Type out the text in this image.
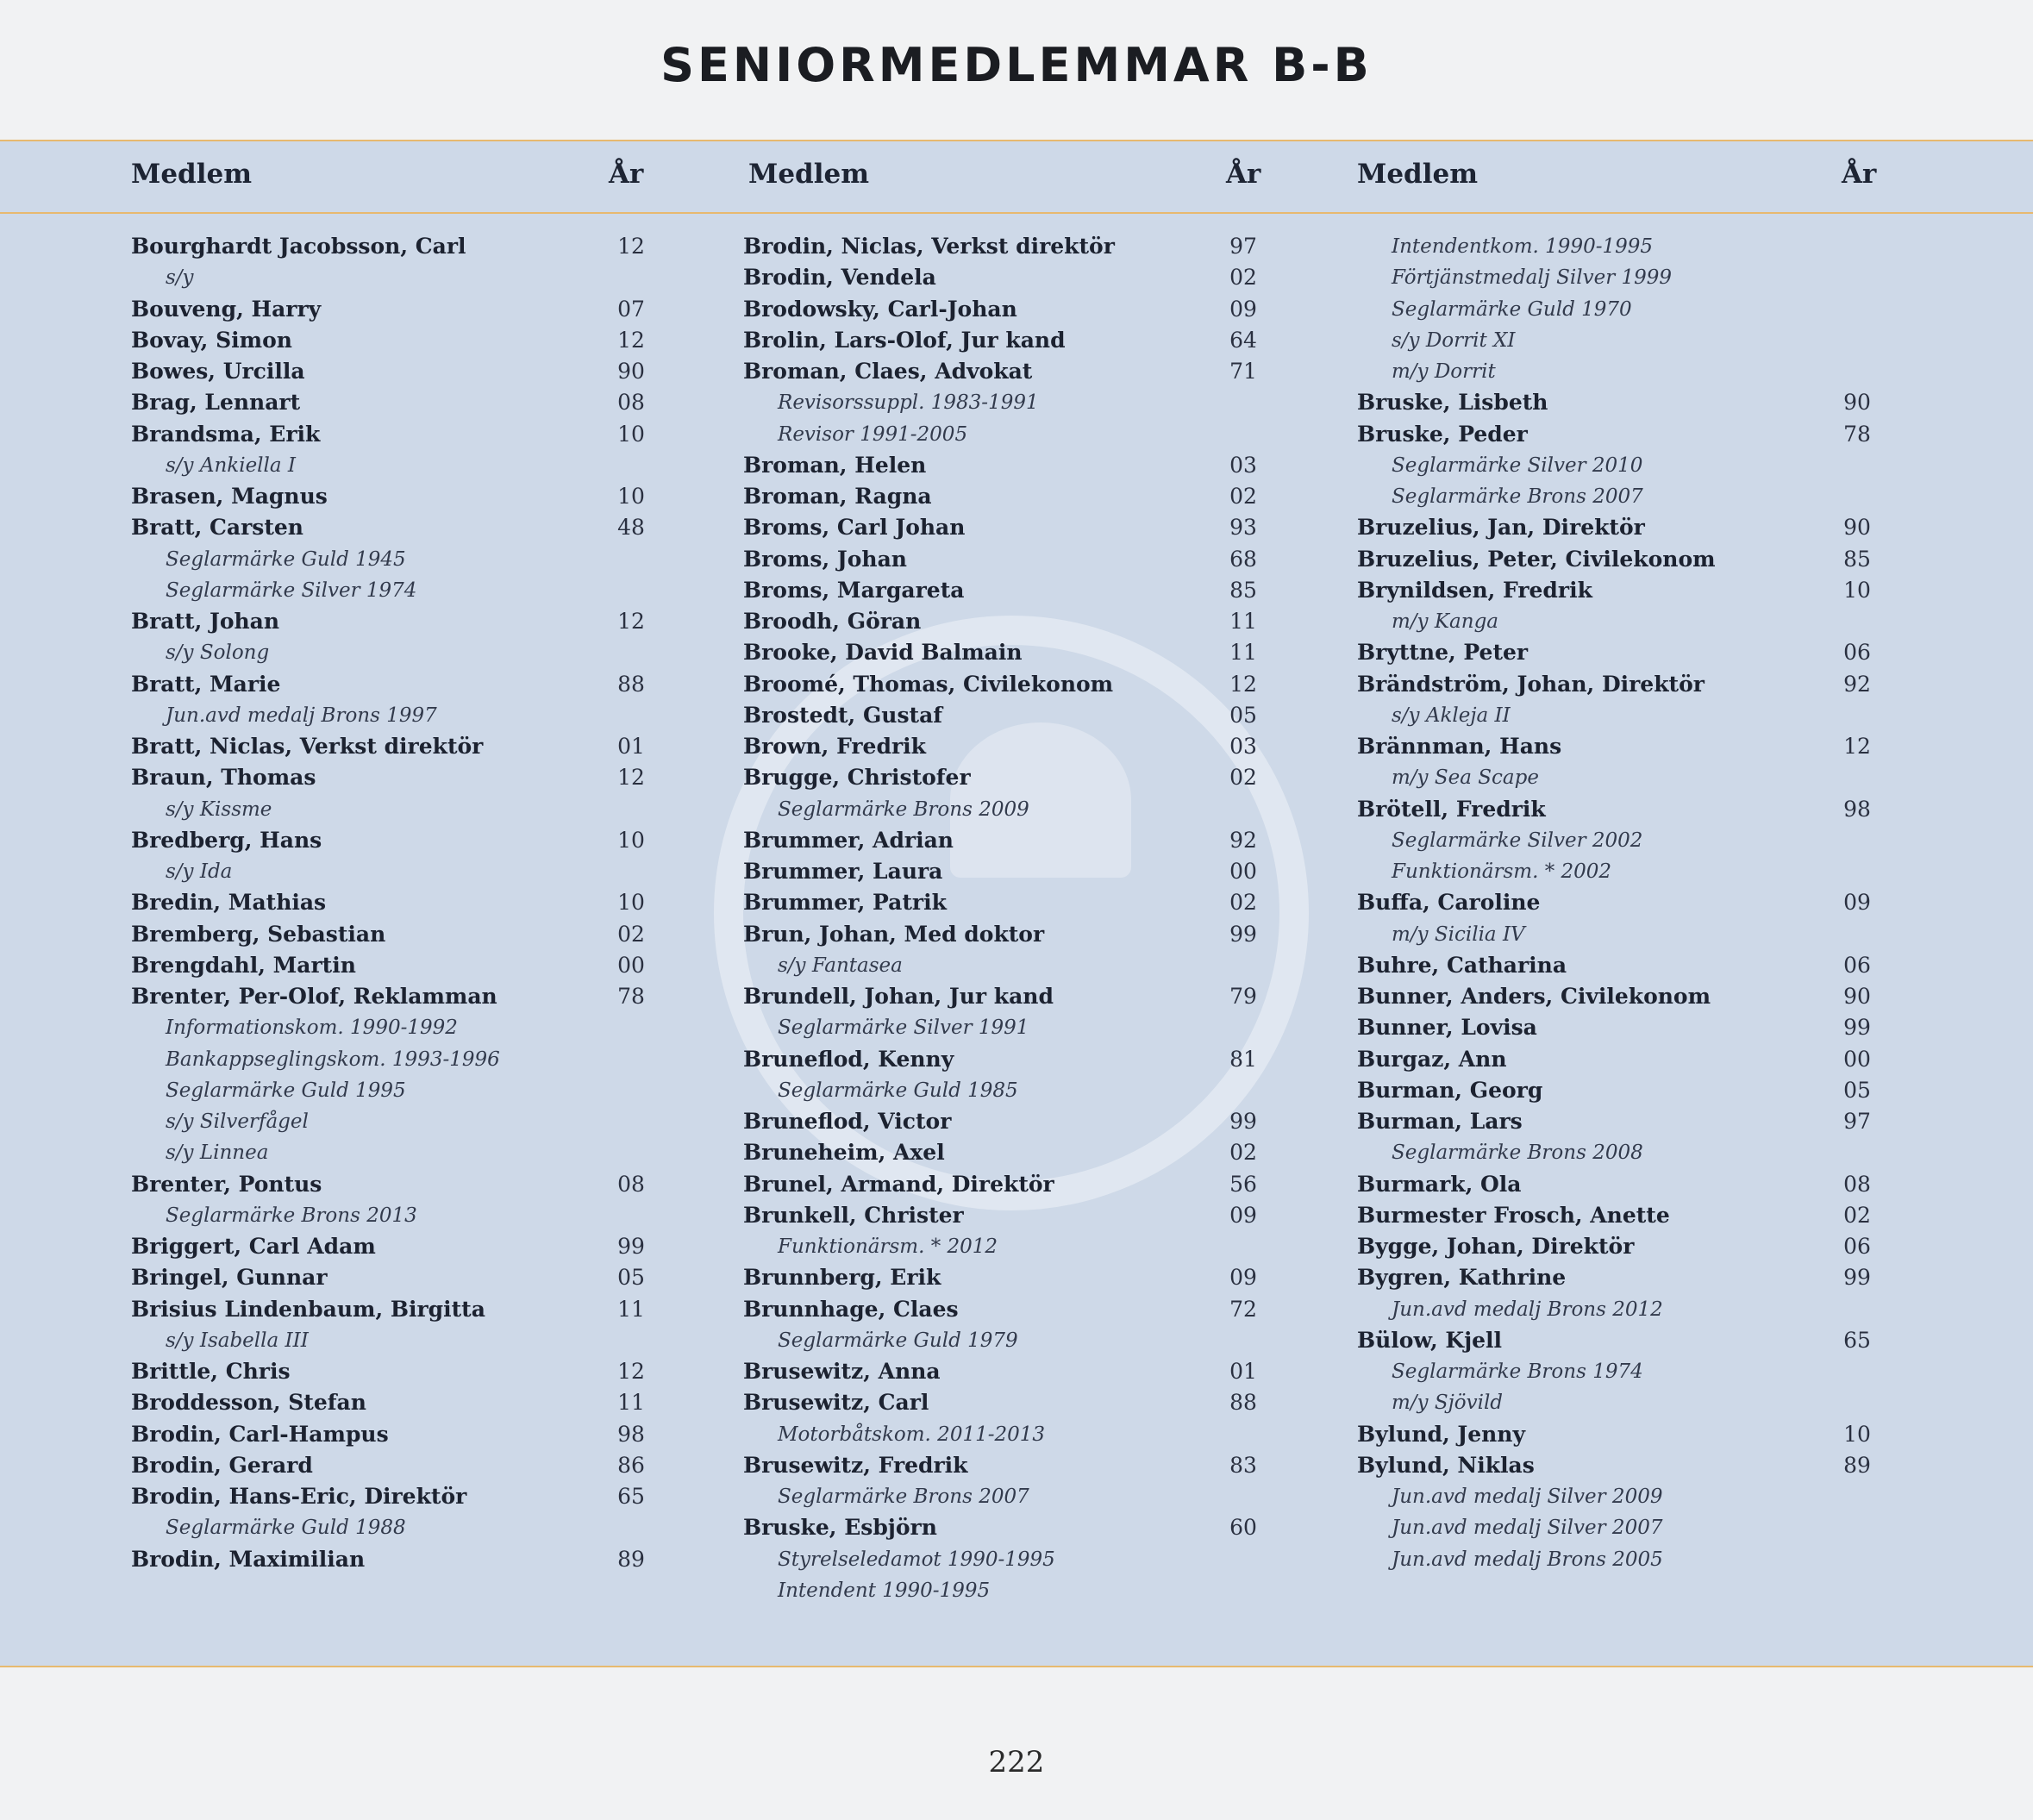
SENIORMEDLEMMAR B-B
Medlem	År	Medlem	År	Medlem	År
Bourghardt Jacobsson, Carl	12
s/y
Bouveng, Harry	07
Bovay, Simon	12
Bowes, Urcilla	90
Brag, Lennart	08
Brandsma, Erik	10
s/y Ankiella I
Brasen, Magnus	10
Bratt, Carsten	48
Seglarmärke Guld 1945
Seglarmärke Silver 1974
Bratt, Johan	12
s/y Solong
Bratt, Marie	88
Jun.avd medalj Brons 1997
Bratt, Niclas, Verkst direktör	01
Braun, Thomas	12
s/y Kissme
Bredberg, Hans	10
s/y Ida
Bredin, Mathias	10
Bremberg, Sebastian	02
Brengdahl, Martin	00
Brenter, Per-Olof, Reklamman	78
Informationskom. 1990-1992
Bankappseglingskom. 1993-1996
Seglarmärke Guld 1995
s/y Silverfågel
s/y Linnea
Brenter, Pontus	08
Seglarmärke Brons 2013
Briggert, Carl Adam	99
Bringel, Gunnar	05
Brisius Lindenbaum, Birgitta	11
s/y Isabella III
Brittle, Chris	12
Broddesson, Stefan	11
Brodin, Carl-Hampus	98
Brodin, Gerard	86
Brodin, Hans-Eric, Direktör	65
Seglarmärke Guld 1988
Brodin, Maximilian	89
Brodin, Niclas, Verkst direktör	97
Brodin, Vendela	02
Brodowsky, Carl-Johan	09
Brolin, Lars-Olof, Jur kand	64
Broman, Claes, Advokat	71
Revisorssuppl. 1983-1991
Revisor 1991-2005
Broman, Helen	03
Broman, Ragna	02
Broms, Carl Johan	93
Broms, Johan	68
Broms, Margareta	85
Broodh, Göran	11
Brooke, David Balmain	11
Broomé, Thomas, Civilekonom	12
Brostedt, Gustaf	05
Brown, Fredrik	03
Brugge, Christofer	02
Seglarmärke Brons 2009
Brummer, Adrian	92
Brummer, Laura	00
Brummer, Patrik	02
Brun, Johan, Med doktor	99
s/y Fantasea
Brundell, Johan, Jur kand	79
Seglarmärke Silver 1991
Bruneflod, Kenny	81
Seglarmärke Guld 1985
Bruneflod, Victor	99
Bruneheim, Axel	02
Brunel, Armand, Direktör	56
Brunkell, Christer	09
Funktionärsm. * 2012
Brunnberg, Erik	09
Brunnhage, Claes	72
Seglarmärke Guld 1979
Brusewitz, Anna	01
Brusewitz, Carl	88
Motorbåtskom. 2011-2013
Brusewitz, Fredrik	83
Seglarmärke Brons 2007
Bruske, Esbjörn	60
Styrelseledamot 1990-1995
Intendent 1990-1995
Intendentkom. 1990-1995
Förtjänstmedalj Silver 1999
Seglarmärke Guld 1970
s/y Dorrit XI
m/y Dorrit
Bruske, Lisbeth	90
Bruske, Peder	78
Seglarmärke Silver 2010
Seglarmärke Brons 2007
Bruzelius, Jan, Direktör	90
Bruzelius, Peter, Civilekonom	85
Brynildsen, Fredrik	10
m/y Kanga
Bryttne, Peter	06
Brändström, Johan, Direktör	92
s/y Akleja II
Brännman, Hans	12
m/y Sea Scape
Brötell, Fredrik	98
Seglarmärke Silver 2002
Funktionärsm. * 2002
Buffa, Caroline	09
m/y Sicilia IV
Buhre, Catharina	06
Bunner, Anders, Civilekonom	90
Bunner, Lovisa	99
Burgaz, Ann	00
Burman, Georg	05
Burman, Lars	97
Seglarmärke Brons 2008
Burmark, Ola	08
Burmester Frosch, Anette	02
Bygge, Johan, Direktör	06
Bygren, Kathrine	99
Jun.avd medalj Brons 2012
Bülow, Kjell	65
Seglarmärke Brons 1974
m/y Sjövild
Bylund, Jenny	10
Bylund, Niklas	89
Jun.avd medalj Silver 2009
Jun.avd medalj Silver 2007
Jun.avd medalj Brons 2005
222
